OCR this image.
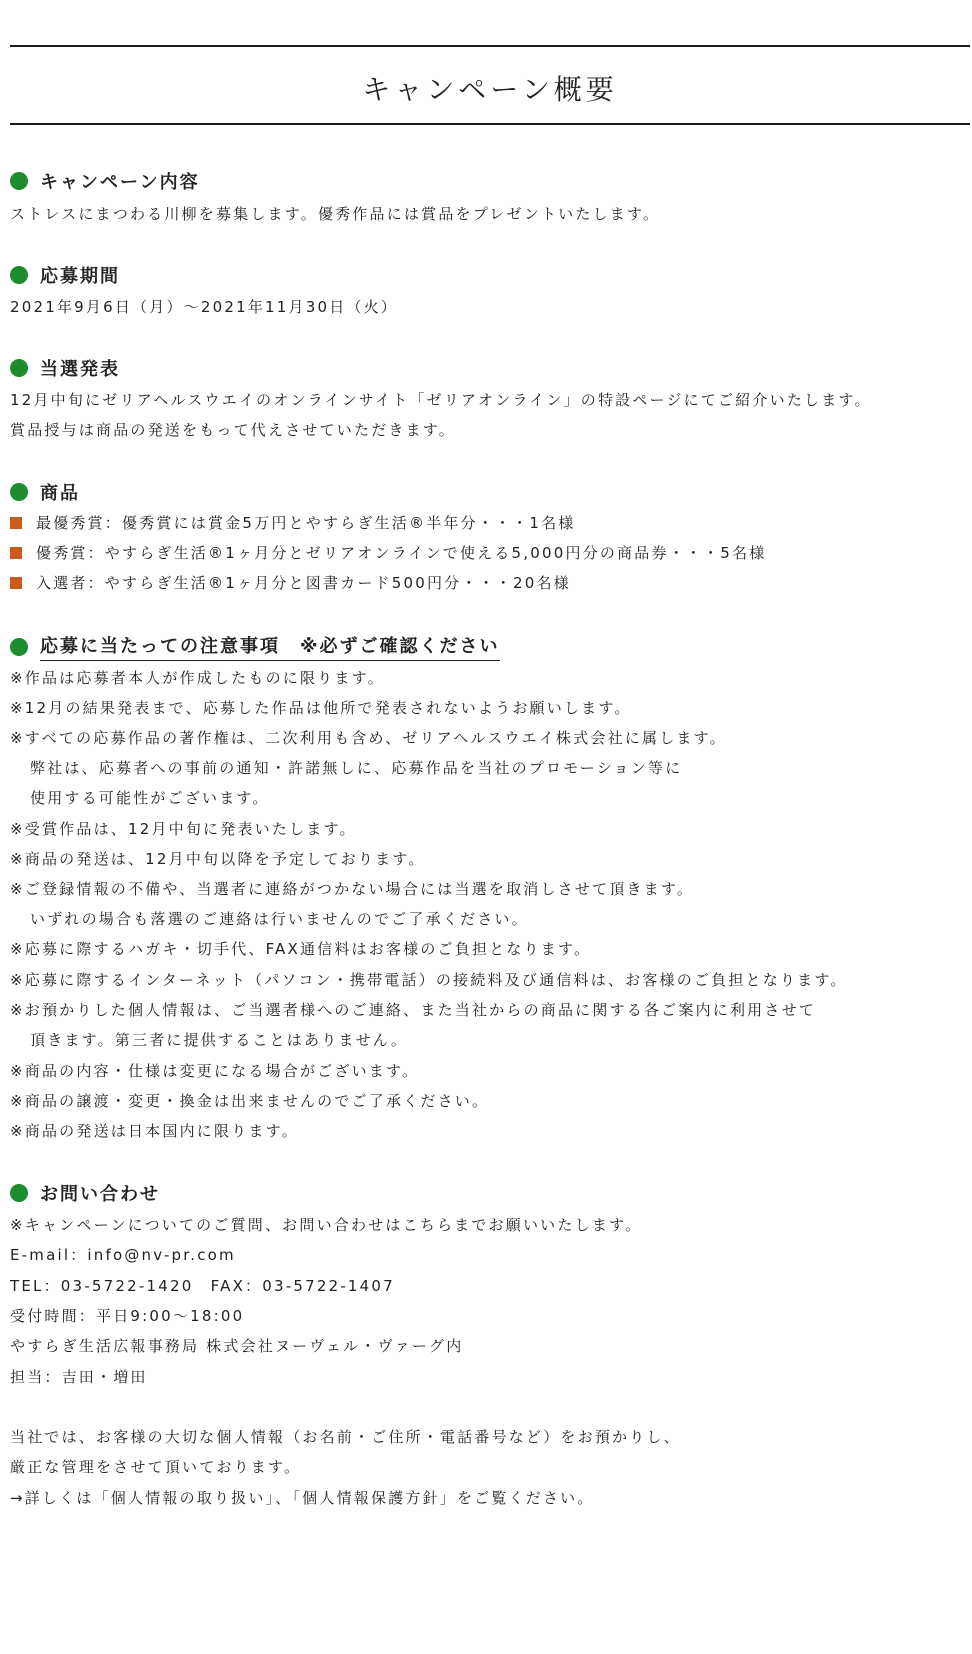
キャンペーン概要
キャンペーン内容
ストレスにまつわる川柳を募集します。優秀作品には賞品をプレゼントいたします。
応募期間
2021年9月6日（月）～2021年11月30日（火）
当選発表
12月中旬にゼリアヘルスウエイのオンラインサイト「ゼリアオンライン」の特設ページにてご紹介いたします。
賞品授与は商品の発送をもって代えさせていただきます。
商品
最優秀賞：優秀賞には賞金5万円とやすらぎ生活®半年分・・・1名様
優秀賞：やすらぎ生活®1ヶ月分とゼリアオンラインで使える5,000円分の商品券・・・5名様
入選者：やすらぎ生活®1ヶ月分と図書カード500円分・・・20名様
応募に当たっての注意事項　※必ずご確認ください
※作品は応募者本人が作成したものに限ります。
※12月の結果発表まで、応募した作品は他所で発表されないようお願いします。
※すべての応募作品の著作権は、二次利用も含め、ゼリアヘルスウエイ株式会社に属します。
弊社は、応募者への事前の通知・許諾無しに、応募作品を当社のプロモーション等に
使用する可能性がございます。
※受賞作品は、12月中旬に発表いたします。
※商品の発送は、12月中旬以降を予定しております。
※ご登録情報の不備や、当選者に連絡がつかない場合には当選を取消しさせて頂きます。
いずれの場合も落選のご連絡は行いませんのでご了承ください。
※応募に際するハガキ・切手代、FAX通信料はお客様のご負担となります。
※応募に際するインターネット（パソコン・携帯電話）の接続料及び通信料は、お客様のご負担となります。
※お預かりした個人情報は、ご当選者様へのご連絡、また当社からの商品に関する各ご案内に利用させて
頂きます。第三者に提供することはありません。
※商品の内容・仕様は変更になる場合がございます。
※商品の譲渡・変更・換金は出来ませんのでご了承ください。
※商品の発送は日本国内に限ります。
お問い合わせ
※キャンペーンについてのご質問、お問い合わせはこちらまでお願いいたします。
E-mail：info@nv-pr.com
TEL：03-5722-1420　FAX：03-5722-1407
受付時間：平日9:00～18:00
やすらぎ生活広報事務局 株式会社ヌーヴェル・ヴァーグ内
担当：吉田・増田
当社では、お客様の大切な個人情報（お名前・ご住所・電話番号など）をお預かりし、
厳正な管理をさせて頂いております。
→詳しくは「個人情報の取り扱い」、「個人情報保護方針」をご覧ください。
